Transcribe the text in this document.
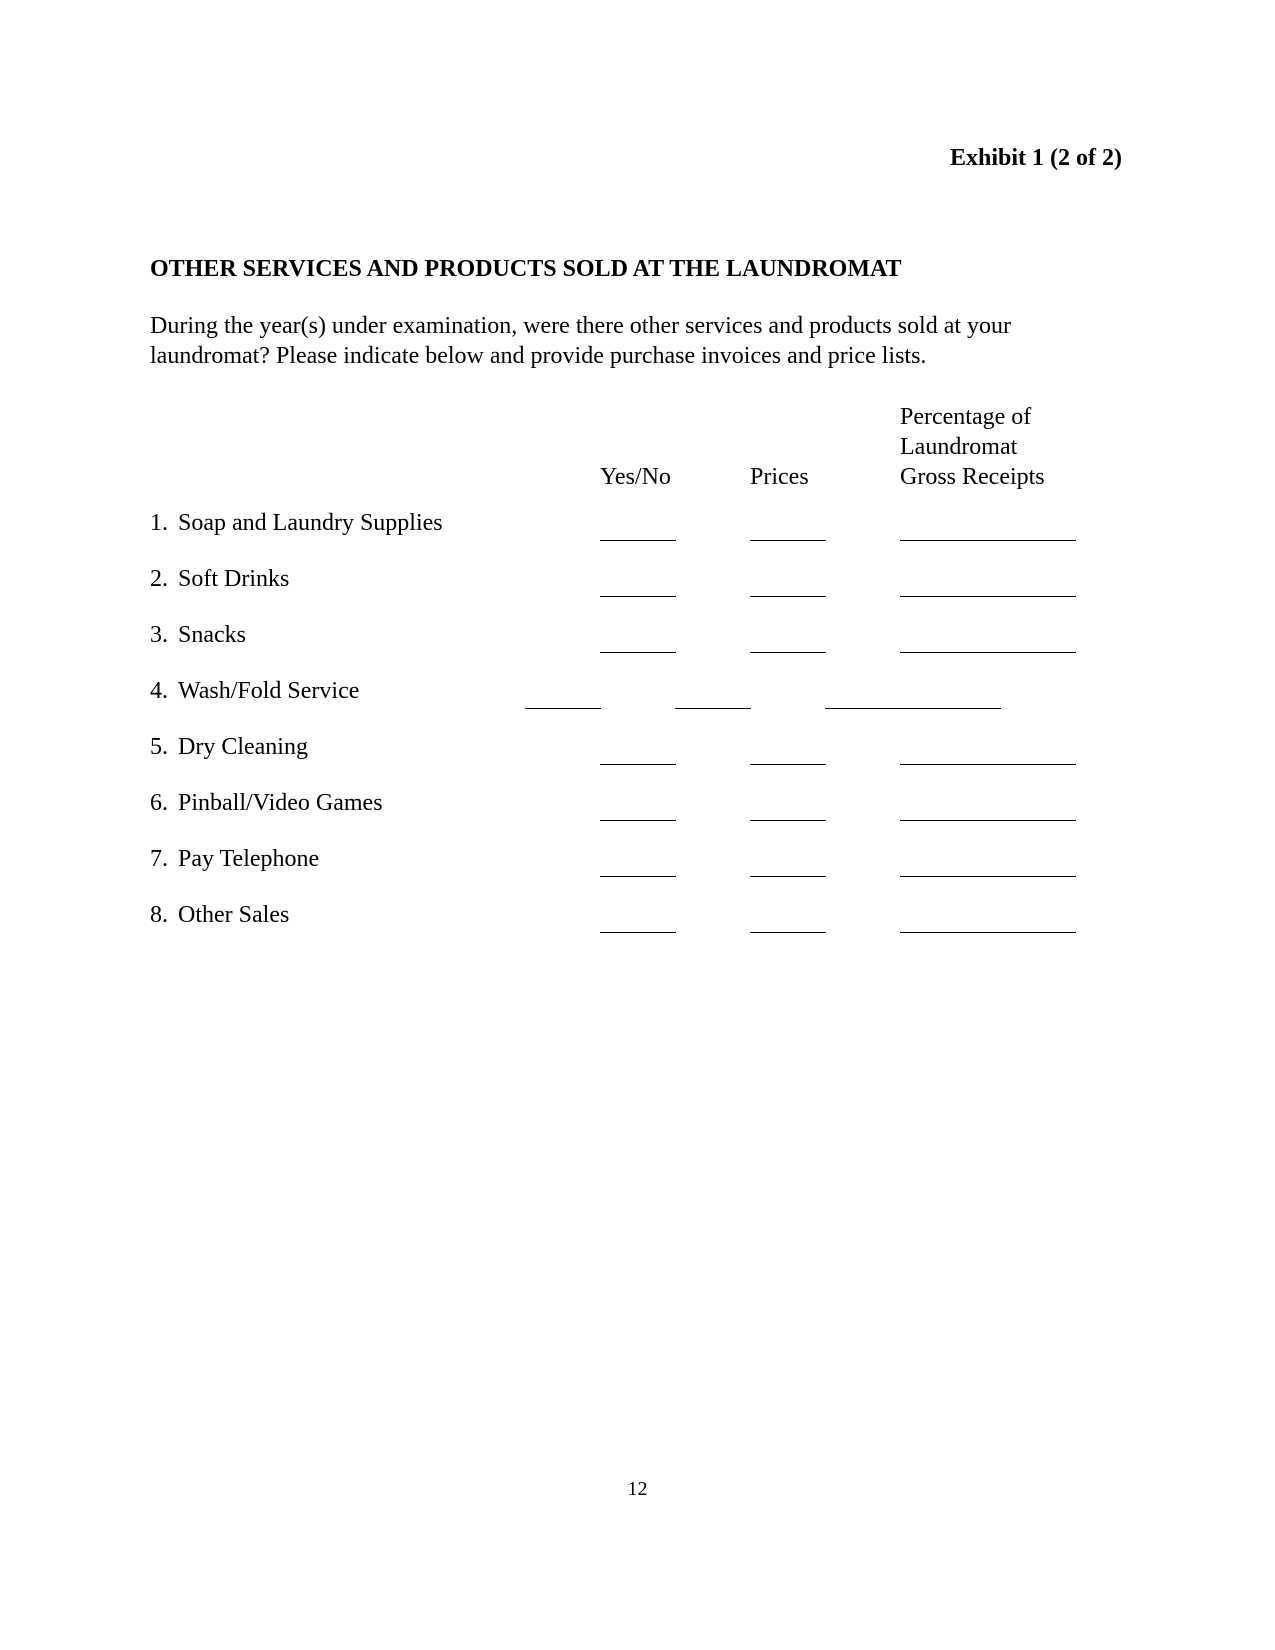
Exhibit 1 (2 of 2)
OTHER SERVICES AND PRODUCTS SOLD AT THE LAUNDROMAT

During the year(s) under examination, were there other services and products sold at your
laundromat? Please indicate below and provide purchase invoices and price lists.

Yes/No	Prices
Percentage of
Laundromat
Gross Receipts
1. Soap and Laundry Supplies
2. Soft Drinks
3. Snacks
4. Wash/Fold Service
5. Dry Cleaning
6. Pinball/Video Games
7. Pay Telephone
8. Other Sales
12
